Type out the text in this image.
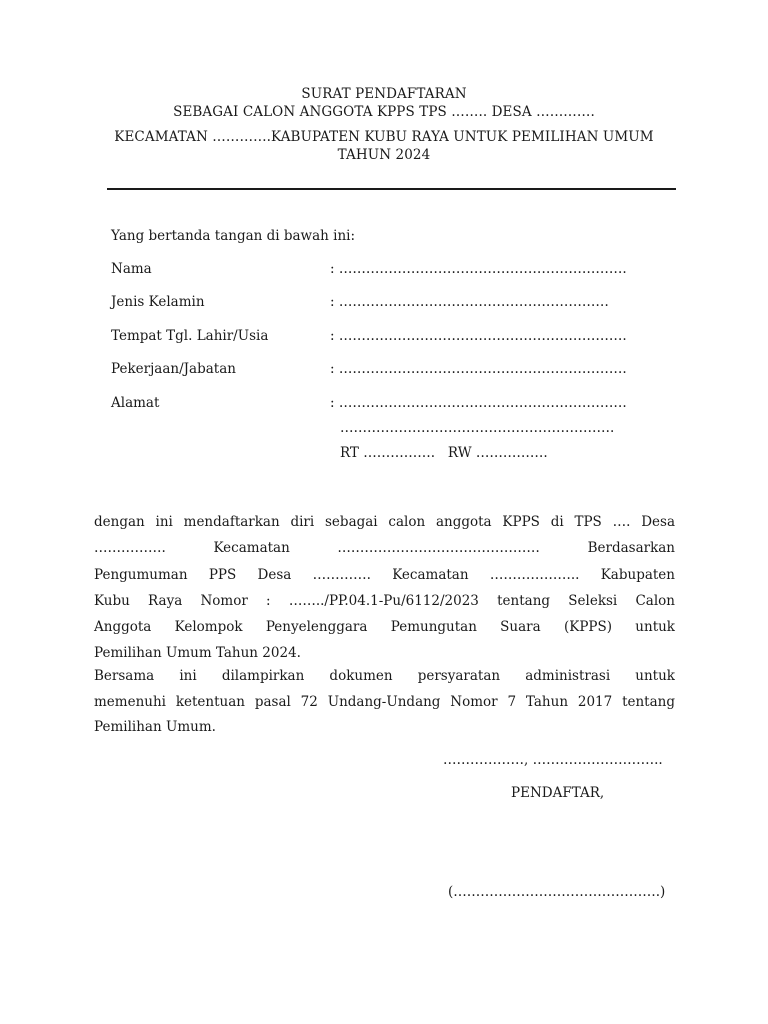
SURAT PENDAFTARAN
SEBAGAI CALON ANGGOTA KPPS TPS …….. DESA ………….
KECAMATAN ………….KABUPATEN KUBU RAYA UNTUK PEMILIHAN UMUM
TAHUN 2024
Yang bertanda tangan di bawah ini:
Nama	: ……………………………………………………….
Jenis Kelamin	: ……………………………………………………
Tempat Tgl. Lahir/Usia	: ……………………………………………………….
Pekerjaan/Jabatan	: ……………………………………………………….
Alamat	: ……………………………………………………….
…………………………………………………….
RT …………….   RW …………….
dengan ini mendaftarkan diri sebagai calon anggota KPPS di TPS …. Desa
……………. Kecamatan ……………………………………… Berdasarkan
Pengumuman PPS Desa …………. Kecamatan ……………….. Kabupaten
Kubu Raya Nomor : ……../PP.04.1-Pu/6112/2023 tentang Seleksi Calon
Anggota Kelompok Penyelenggara Pemungutan Suara (KPPS) untuk
Pemilihan Umum Tahun 2024.
Bersama ini dilampirkan dokumen persyaratan administrasi untuk
memenuhi ketentuan pasal 72 Undang-Undang Nomor 7 Tahun 2017 tentang
Pemilihan Umum.
………………, ………………………..
PENDAFTAR,
(……………………………………….)
